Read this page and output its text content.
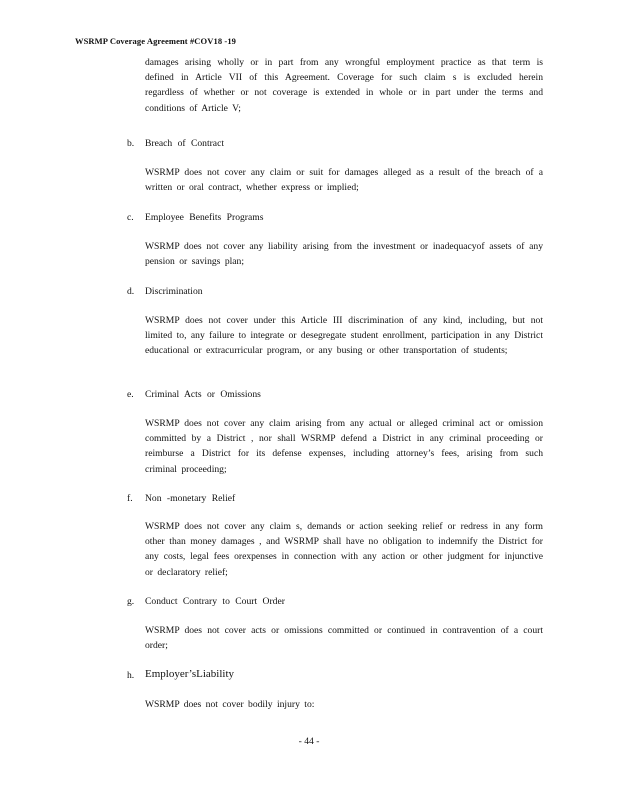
WSRMP Coverage Agreement #COV18 -19

damages arising wholly or in part from any wrongful employment practice as that term is defined in Article VII of this Agreement. Coverage for such claim s is excluded herein regardless of whether or not coverage is extended in whole or in part under the terms and conditions of Article V;

b. Breach of Contract

WSRMP does not cover any claim or suit for damages alleged as a result of the breach of a written or oral contract, whether express or implied;

c. Employee Benefits Programs

WSRMP does not cover any liability arising from the investment or inadequacyof assets of any pension or savings plan;

d. Discrimination

WSRMP does not cover under this Article III discrimination of any kind, including, but not limited to, any failure to integrate or desegregate student enrollment, participation in any District educational or extracurricular program, or any busing or other transportation of students;

e. Criminal Acts or Omissions

WSRMP does not cover any claim arising from any actual or alleged criminal act or omission committed by a District , nor shall WSRMP defend a District in any criminal proceeding or reimburse a District for its defense expenses, including attorney’s fees, arising from such criminal proceeding;

f. Non -monetary Relief

WSRMP does not cover any claim s, demands or action seeking relief or redress in any form other than money damages , and WSRMP shall have no obligation to indemnify the District for any costs, legal fees orexpenses in connection with any action or other judgment for injunctive or declaratory relief;

g. Conduct Contrary to Court Order

WSRMP does not cover acts or omissions committed or continued in contravention of a court order;

h. Employer’sLiability

WSRMP does not cover bodily injury to:

- 44 -
